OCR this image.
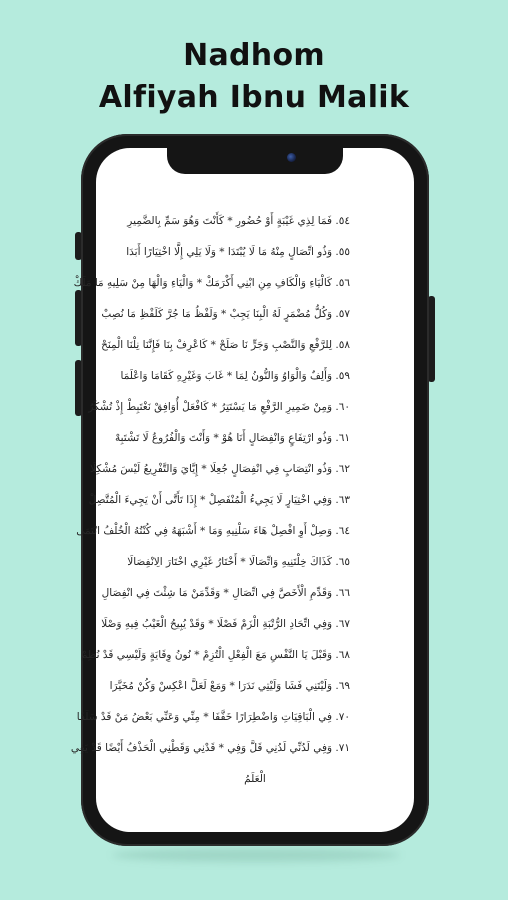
Nadhom
Alfiyah Ibnu Malik
٥٤. فَمَا لِذِي غَيْبَةٍ أَوْ حُضُورِ * كَأَنْتَ وَهُوَ سَمِّ بِالضَّمِيرِ
٥٥. وَذُو اتِّصَالٍ مِنْهُ مَا لَا يُبْتَدَا * وَلَا يَلِي إِلَّا اخْتِيَارًا أَبَدَا
٥٦. كَالْيَاءِ وَالْكَافِ مِنِ ابْنِي أَكْرَمَكْ * وَالْيَاءِ وَالْهَا مِنْ سَلِيهِ مَا مَلَكْ
٥٧. وَكُلُّ مُضْمَرٍ لَهُ الْبِنَا يَجِبْ * وَلَفْظُ مَا جُرَّ كَلَفْظِ مَا نُصِبْ
٥٨. لِلرَّفْعِ وَالنَّصْبِ وَجَرٍّ نَا صَلَحْ * كَاعْرِفْ بِنَا فَإِنَّنَا نِلْنَا الْمِنَحْ
٥٩. وَأَلِفٌ وَالْوَاوُ وَالنُّونُ لِمَا * غَابَ وَغَيْرِهِ كَقَامَا وَاعْلَمَا
٦٠. وَمِنْ ضَمِيرِ الرَّفْعِ مَا يَسْتَتِرُ * كَافْعَلْ أُوَافِقْ نَغْتَبِطْ إِذْ تُشْكَرُ
٦١. وَذُو ارْتِفَاعٍ وَانْفِصَالٍ أَنَا هُوْ * وَأَنْتَ وَالْفُرُوعُ لَا تَشْتَبِهْ
٦٢. وَذُو انْتِصَابٍ فِي انْفِصَالٍ جُعِلَا * إِيَّايَ وَالتَّفْرِيعُ لَيْسَ مُشْكِلَا
٦٣. وَفِي اخْتِيَارٍ لَا يَجِيءُ الْمُنْفَصِلْ * إِذَا تَأَتَّى أَنْ يَجِيءَ الْمُتَّصِلْ
٦٤. وَصِلْ أَوِ افْصِلْ هَاءَ سَلْنِيهِ وَمَا * أَشْبَهَهُ فِي كُنْتُهُ الْخُلْفُ انْتَمَى
٦٥. كَذَاكَ خِلْتَنِيهِ وَاتِّصَالَا * أَخْتَارُ غَيْرِي اخْتَارَ الِانْفِصَالَا
٦٦. وَقَدِّمِ الْأَخَصَّ فِي اتِّصَالِ * وَقَدِّمَنْ مَا شِئْتَ فِي انْفِصَالِ
٦٧. وَفِي اتِّحَادِ الرُّتْبَةِ الْزَمْ فَصْلَا * وَقَدْ يُبِيحُ الْغَيْبُ فِيهِ وَصْلَا
٦٨. وَقَبْلَ يَا النَّفْسِ مَعَ الْفِعْلِ الْتُزِمْ * نُونُ وِقَايَةٍ وَلَيْسِي قَدْ نُظِمْ
٦٩. وَلَيْتَنِي فَشَا وَلَيْتِي نَدَرَا * وَمَعْ لَعَلَّ اعْكِسْ وَكُنْ مُخَيَّرَا
٧٠. فِي الْبَاقِيَاتِ وَاضْطِرَارًا خَفَّفَا * مِنِّي وَعَنِّي بَعْضُ مَنْ قَدْ سَلَفَا
٧١. وَفِي لَدُنِّي لَدُنِي قَلَّ وَفِي * قَدْنِي وَقَطْنِي الْحَذْفُ أَيْضًا قَدْ يَفِي
الْعَلَمُ
